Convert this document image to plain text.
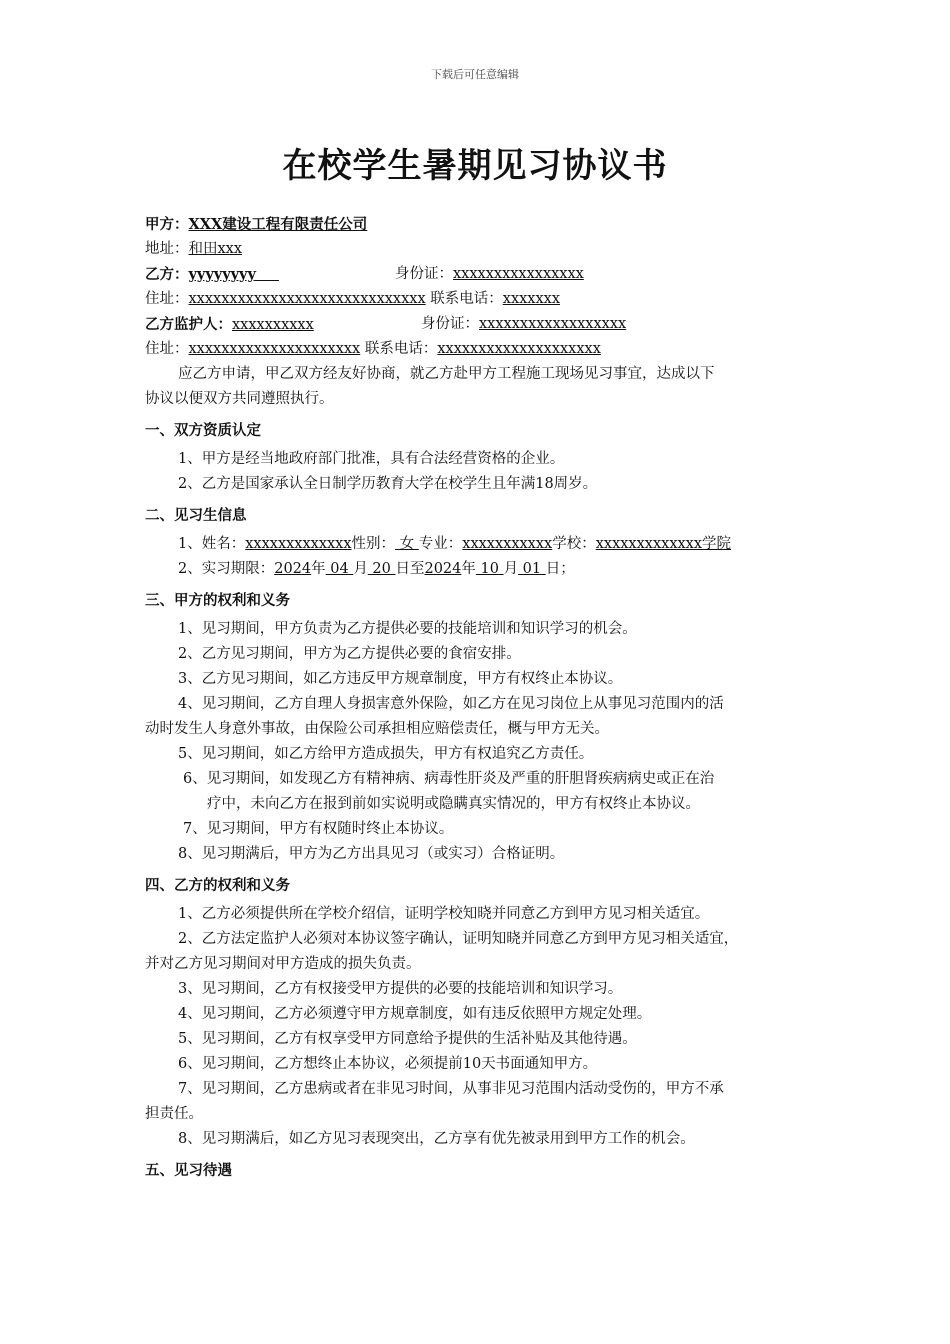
下载后可任意编辑
在校学生暑期见习协议书
甲方：XXX建设工程有限责任公司
地址：和田xxx
乙方：yyyyyyyy	身份证：xxxxxxxxxxxxxxxx
住址：xxxxxxxxxxxxxxxxxxxxxxxxxxxxx 联系电话：xxxxxxx
乙方监护人：xxxxxxxxxx	身份证：xxxxxxxxxxxxxxxxxx
住址：xxxxxxxxxxxxxxxxxxxxx 联系电话：xxxxxxxxxxxxxxxxxxxx
应乙方申请，甲乙双方经友好协商，就乙方赴甲方工程施工现场见习事宜，达成以下
协议以便双方共同遵照执行。
一、双方资质认定
1、甲方是经当地政府部门批准，具有合法经营资格的企业。
2、乙方是国家承认全日制学历教育大学在校学生且年满18周岁。
二、见习生信息
1、姓名：xxxxxxxxxxxxx性别： 女 专业：xxxxxxxxxxx学校：xxxxxxxxxxxxx学院
2、实习期限：2024年 04 月 20 日至2024年 10 月 01 日；
三、甲方的权利和义务
1、见习期间，甲方负责为乙方提供必要的技能培训和知识学习的机会。
2、乙方见习期间，甲方为乙方提供必要的食宿安排。
3、乙方见习期间，如乙方违反甲方规章制度，甲方有权终止本协议。
4、见习期间，乙方自理人身损害意外保险，如乙方在见习岗位上从事见习范围内的活
动时发生人身意外事故，由保险公司承担相应赔偿责任，概与甲方无关。
5、见习期间，如乙方给甲方造成损失，甲方有权追究乙方责任。
6、见习期间，如发现乙方有精神病、病毒性肝炎及严重的肝胆肾疾病病史或正在治
疗中，未向乙方在报到前如实说明或隐瞒真实情况的，甲方有权终止本协议。
7、见习期间，甲方有权随时终止本协议。
8、见习期满后，甲方为乙方出具见习（或实习）合格证明。
四、乙方的权利和义务
1、乙方必须提供所在学校介绍信，证明学校知晓并同意乙方到甲方见习相关适宜。
2、乙方法定监护人必须对本协议签字确认，证明知晓并同意乙方到甲方见习相关适宜，
并对乙方见习期间对甲方造成的损失负责。
3、见习期间，乙方有权接受甲方提供的必要的技能培训和知识学习。
4、见习期间，乙方必须遵守甲方规章制度，如有违反依照甲方规定处理。
5、见习期间，乙方有权享受甲方同意给予提供的生活补贴及其他待遇。
6、见习期间，乙方想终止本协议，必须提前10天书面通知甲方。
7、见习期间，乙方患病或者在非见习时间，从事非见习范围内活动受伤的，甲方不承
担责任。
8、见习期满后，如乙方见习表现突出，乙方享有优先被录用到甲方工作的机会。
五、见习待遇
